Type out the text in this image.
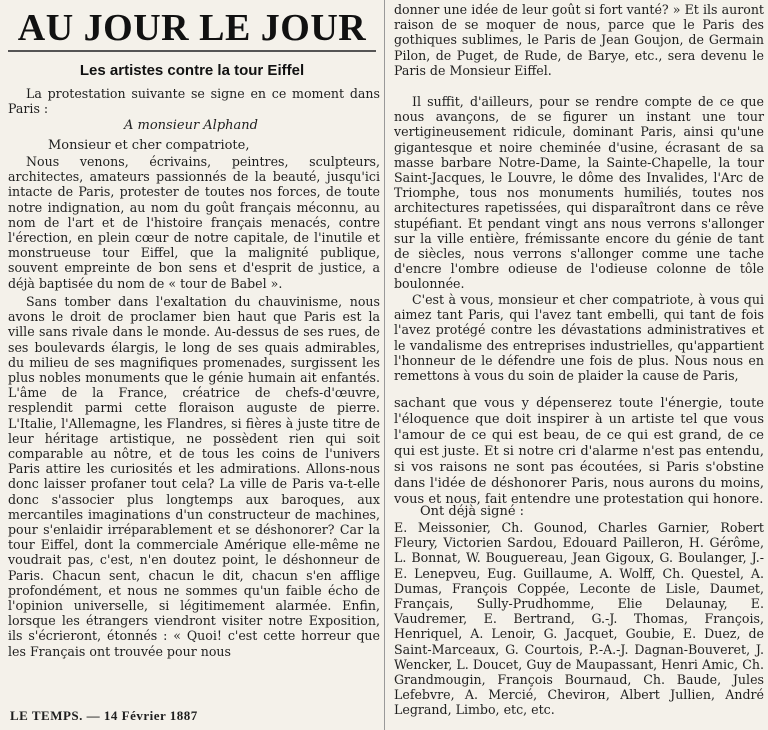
AU JOUR LE JOUR
Les artistes contre la tour Eiffel
La protestation suivante se signe en ce moment dans Paris :
A monsieur Alphand
Monsieur et cher compatriote,
Nous venons, écrivains, peintres, sculpteurs, architectes, amateurs passionnés de la beauté, jusqu'ici intacte de Paris, protester de toutes nos forces, de toute notre indignation, au nom du goût français méconnu, au nom de l'art et de l'histoire français menacés, contre l'érection, en plein cœur de notre capitale, de l'inutile et monstrueuse tour Eiffel, que la malignité publique, souvent empreinte de bon sens et d'esprit de justice, a déjà baptisée du nom de « tour de Babel ».
Sans tomber dans l'exaltation du chauvinisme, nous avons le droit de proclamer bien haut que Paris est la ville sans rivale dans le monde. Au-dessus de ses rues, de ses boulevards élargis, le long de ses quais admirables, du milieu de ses magnifiques promenades, surgissent les plus nobles monuments que le génie humain ait enfantés. L'âme de la France, créatrice de chefs-d'œuvre, resplendit parmi cette floraison auguste de pierre. L'Italie, l'Allemagne, les Flandres, si fières à juste titre de leur héritage artistique, ne possèdent rien qui soit comparable au nôtre, et de tous les coins de l'univers Paris attire les curiosités et les admirations. Allons-nous donc laisser profaner tout cela? La ville de Paris va-t-elle donc s'associer plus longtemps aux baroques, aux mercantiles imaginations d'un constructeur de machines, pour s'enlaidir irréparablement et se déshonorer? Car la tour Eiffel, dont la commerciale Amérique elle-même ne voudrait pas, c'est, n'en doutez point, le déshonneur de Paris. Chacun sent, chacun le dit, chacun s'en afflige profondément, et nous ne sommes qu'un faible écho de l'opinion universelle, si légitimement alarmée. Enfin, lorsque les étrangers viendront visiter notre Exposition, ils s'écrieront, étonnés : « Quoi! c'est cette horreur que les Français ont trouvée pour nous
LE TEMPS. — 14 Février 1887
donner une idée de leur goût si fort vanté? » Et ils auront raison de se moquer de nous, parce que le Paris des gothiques sublimes, le Paris de Jean Goujon, de Germain Pilon, de Puget, de Rude, de Barye, etc., sera devenu le Paris de Monsieur Eiffel.
Il suffit, d'ailleurs, pour se rendre compte de ce que nous avançons, de se figurer un instant une tour vertigineusement ridicule, dominant Paris, ainsi qu'une gigantesque et noire cheminée d'usine, écrasant de sa masse barbare Notre-Dame, la Sainte-Chapelle, la tour Saint-Jacques, le Louvre, le dôme des Invalides, l'Arc de Triomphe, tous nos monuments humiliés, toutes nos architectures rapetissées, qui disparaîtront dans ce rêve stupéfiant. Et pendant vingt ans nous verrons s'allonger sur la ville entière, frémissante encore du génie de tant de siècles, nous verrons s'allonger comme une tache d'encre l'ombre odieuse de l'odieuse colonne de tôle boulonnée.
C'est à vous, monsieur et cher compatriote, à vous qui aimez tant Paris, qui l'avez tant embelli, qui tant de fois l'avez protégé contre les dévastations administratives et le vandalisme des entreprises industrielles, qu'appartient l'honneur de le défendre une fois de plus. Nous nous en remettons à vous du soin de plaider la cause de Paris,
sachant que vous y dépenserez toute l'énergie, toute l'éloquence que doit inspirer à un artiste tel que vous l'amour de ce qui est beau, de ce qui est grand, de ce qui est juste. Et si notre cri d'alarme n'est pas entendu, si vos raisons ne sont pas écoutées, si Paris s'obstine dans l'idée de déshonorer Paris, nous aurons du moins, vous et nous, fait entendre une protestation qui honore.
Ont déjà signé :
E. Meissonier, Ch. Gounod, Charles Garnier, Robert Fleury, Victorien Sardou, Edouard Pailleron, H. Gérôme, L. Bonnat, W. Bouguereau, Jean Gigoux, G. Boulanger, J.-E. Lenepveu, Eug. Guillaume, A. Wolff, Ch. Questel, A. Dumas, François Coppée, Leconte de Lisle, Daumet, Français, Sully-Prudhomme, Elie Delaunay, E. Vaudremer, E. Bertrand, G.-J. Thomas, François, Henriquel, A. Lenoir, G. Jacquet, Goubie, E. Duez, de Saint-Marceaux, G. Courtois, P.-A.-J. Dagnan-Bouveret, J. Wencker, L. Doucet, Guy de Maupassant, Henri Amic, Ch. Grandmougin, François Bournaud, Ch. Baude, Jules Lefebvre, A. Mercié, Chevirон, Albert Jullien, André Legrand, Limbo, etc, etc.
